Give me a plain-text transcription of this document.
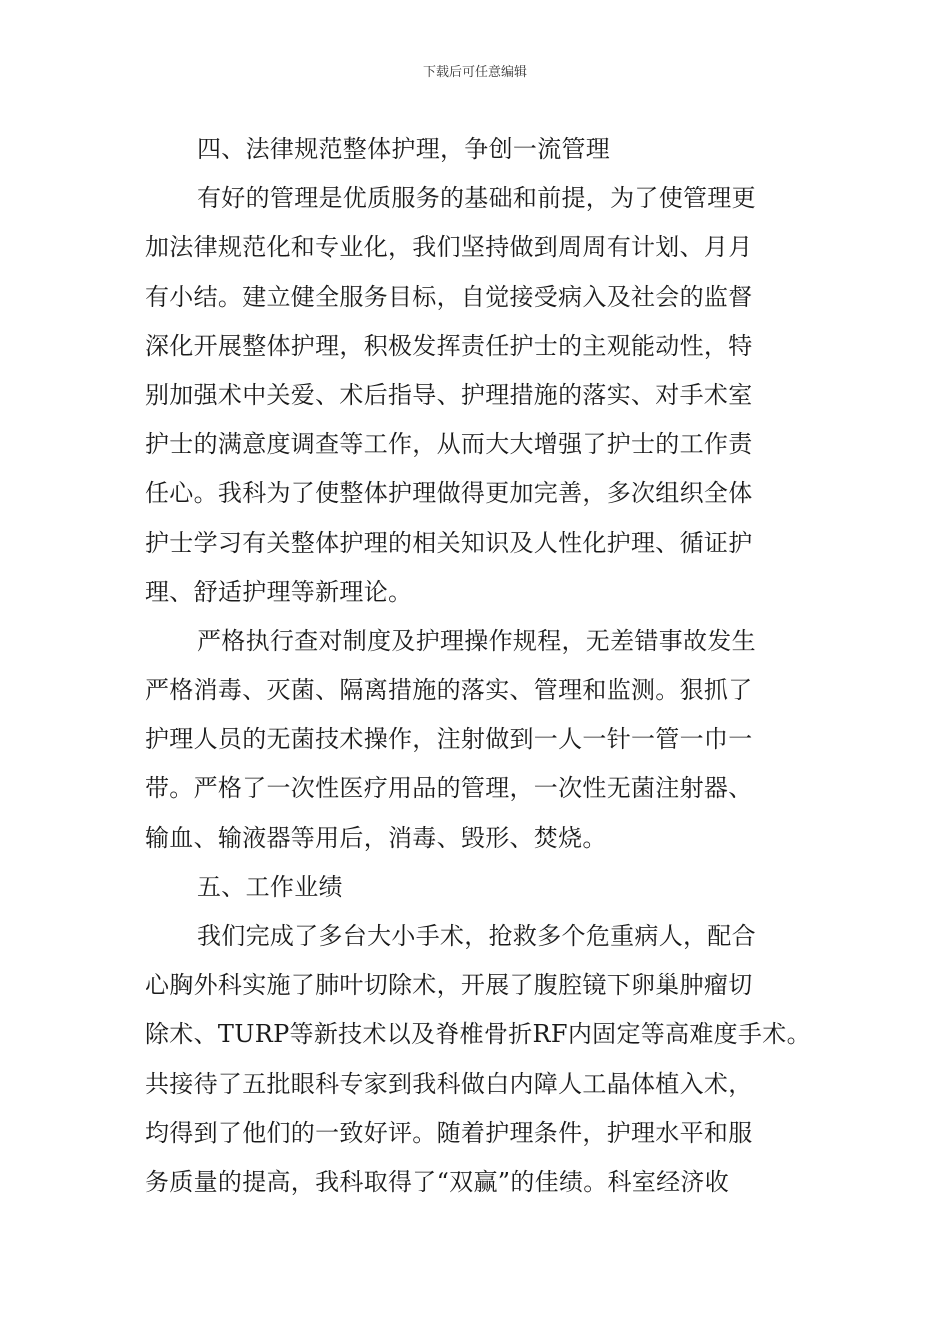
下载后可任意编辑
四、法律规范整体护理，争创一流管理
有好的管理是优质服务的基础和前提，为了使管理更
加法律规范化和专业化，我们坚持做到周周有计划、月月
有小结。建立健全服务目标，自觉接受病入及社会的监督
深化开展整体护理，积极发挥责任护士的主观能动性，特
别加强术中关爱、术后指导、护理措施的落实、对手术室
护士的满意度调查等工作，从而大大增强了护士的工作责
任心。我科为了使整体护理做得更加完善，多次组织全体
护士学习有关整体护理的相关知识及人性化护理、循证护
理、舒适护理等新理论。
严格执行查对制度及护理操作规程，无差错事故发生
严格消毒、灭菌、隔离措施的落实、管理和监测。狠抓了
护理人员的无菌技术操作，注射做到一人一针一管一巾一
带。严格了一次性医疗用品的管理，一次性无菌注射器、
输血、输液器等用后，消毒、毁形、焚烧。
五、工作业绩
我们完成了多台大小手术，抢救多个危重病人，配合
心胸外科实施了肺叶切除术，开展了腹腔镜下卵巢肿瘤切
除术、TURP等新技术以及脊椎骨折RF内固定等高难度手术。
共接待了五批眼科专家到我科做白内障人工晶体植入术，
均得到了他们的一致好评。随着护理条件，护理水平和服
务质量的提高，我科取得了“双赢”的佳绩。科室经济收
